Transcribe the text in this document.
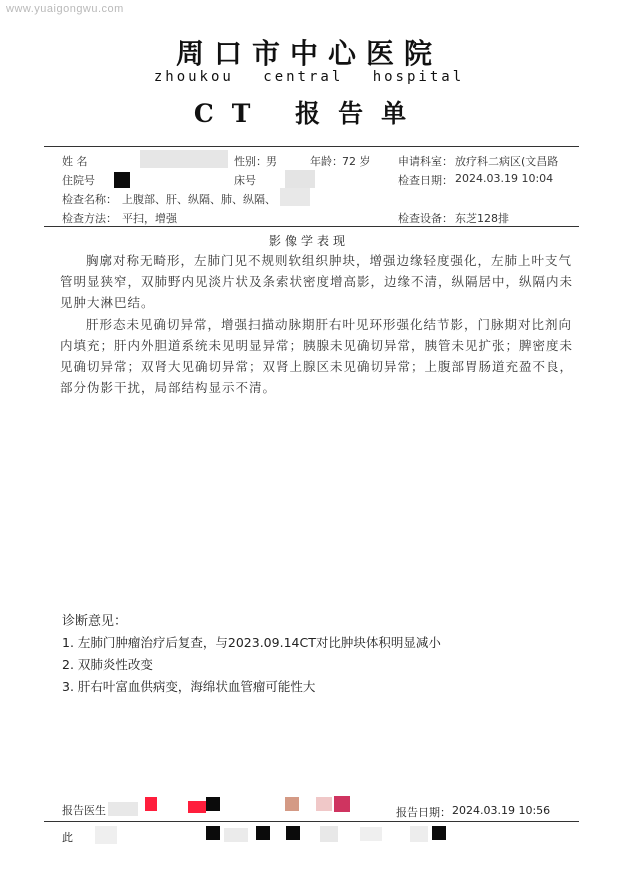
www.yuaigongwu.com
周口市中心医院
zhoukou central hospital
CT 报告单
姓 名	性别： 男	年龄： 72 岁	申请科室： 放疗科二病区(文昌路
住院号	床号	检查日期： 2024.03.19 10:04
检查名称： 上腹部、肝、纵隔、肺、纵隔、
检查方法： 平扫，增强	检查设备： 东芝128排
影像学表现
胸廓对称无畸形，左肺门见不规则软组织肿块，增强边缘轻度强化，左肺上叶支气管明显狭窄，双肺野内见淡片状及条索状密度增高影，边缘不清，纵隔居中，纵隔内未见肿大淋巴结。
肝形态未见确切异常，增强扫描动脉期肝右叶见环形强化结节影，门脉期对比剂向内填充；肝内外胆道系统未见明显异常；胰腺未见确切异常，胰管未见扩张；脾密度未见确切异常；双肾大见确切异常；双肾上腺区未见确切异常；上腹部胃肠道充盈不良，部分伪影干扰，局部结构显示不清。
诊断意见：
1. 左肺门肿瘤治疗后复查，与2023.09.14CT对比肿块体积明显减小
2. 双肺炎性改变
3. 肝右叶富血供病变，海绵状血管瘤可能性大
报告医生	报告日期： 2024.03.19 10:56
此
